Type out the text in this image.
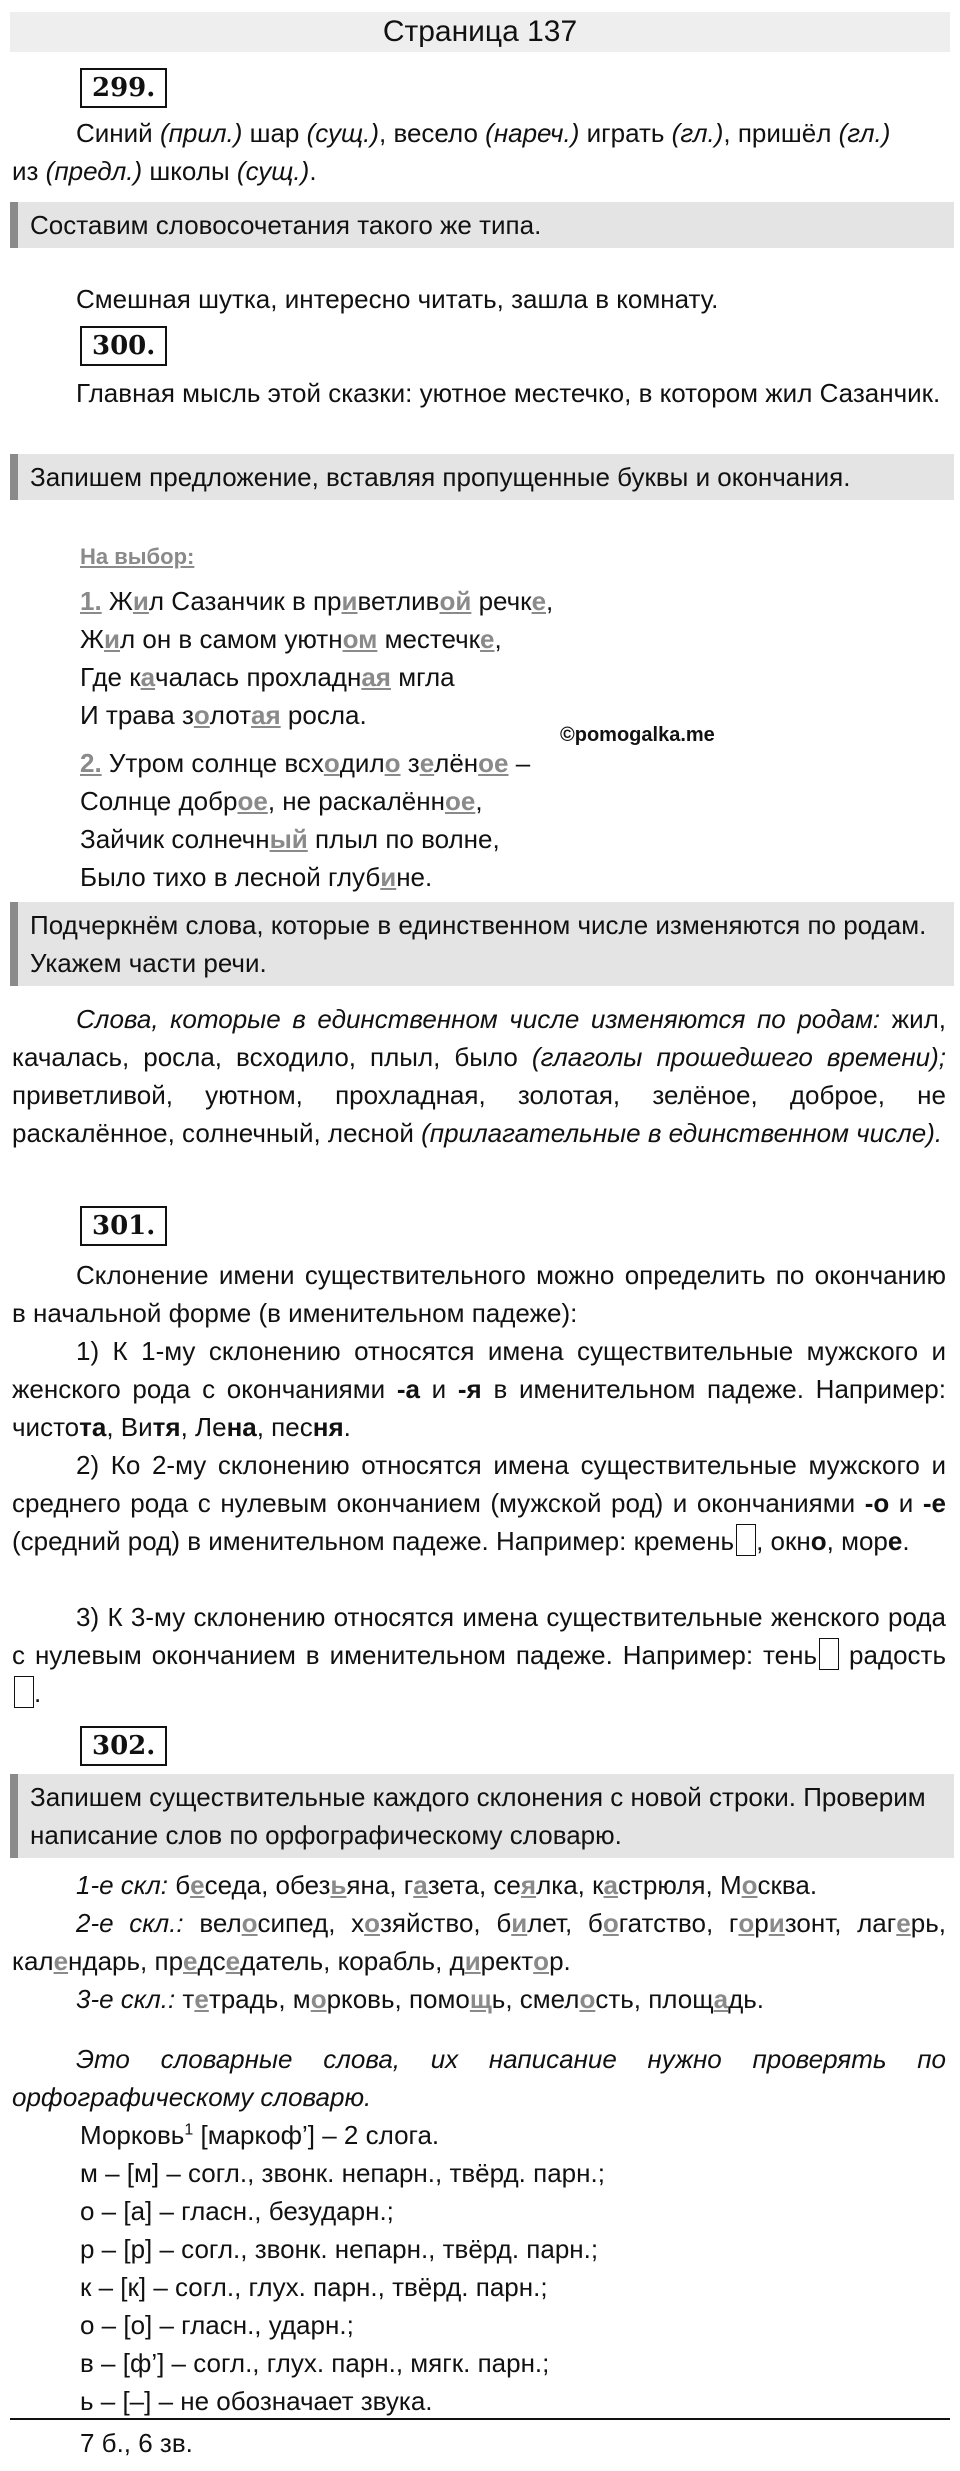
Страница 137
299.
Синий (прил.) шар (сущ.), весело (нареч.) играть (гл.), пришёл (гл.)
из (предл.) школы (сущ.).
Составим словосочетания такого же типа.
Смешная шутка, интересно читать, зашла в комнату.
300.
Главная мысль этой сказки: уютное местечко, в котором жил Сазанчик.
Запишем предложение, вставляя пропущенные буквы и окончания.
На выбор:
©pomogalka.me
1. Жил Сазанчик в приветливой речке,
Жил он в самом уютном местечке,
Где качалась прохладная мгла
И трава золотая росла.
2. Утром солнце всходило зелёное –
Солнце доброе, не раскалённое,
Зайчик солнечный плыл по волне,
Было тихо в лесной глубине.
Подчеркнём слова, которые в единственном числе изменяются по родам. Укажем части речи.
Слова, которые в единственном числе изменяются по родам: жил, качалась, росла, всходило, плыл, было (глаголы прошедшего времени); приветливой, уютном, прохладная, золотая, зелёное, доброе, не раскалённое, солнечный, лесной (прилагательные в единственном числе).
301.
Склонение имени существительного можно определить по окончанию в начальной форме (в именительном падеже):
1) К 1-му склонению относятся имена существительные мужского и женского рода с окончаниями -а и -я в именительном падеже. Например: чистота, Витя, Лена, песня.
2) Ко 2-му склонению относятся имена существительные мужского и среднего рода с нулевым окончанием (мужской род) и окончаниями -о и -е (средний род) в именительном падеже. Например: кремень , окно, море.
3) К 3-му склонению относятся имена существительные женского рода с нулевым окончанием в именительном падеже. Например: тень радость.
302.
Запишем существительные каждого склонения с новой строки. Проверим написание слов по орфографическому словарю.
1-е скл: беседа, обезьяна, газета, сеялка, кастрюля, Москва.
2-е скл.: велосипед, хозяйство, билет, богатство, горизонт, лагерь, календарь, председатель, корабль, директор.
3-е скл.: тетрадь, морковь, помощь, смелость, площадь.
Это словарные слова, их написание нужно проверять по орфографическому словарю.
Морковь$^1$ [маркоф’] – 2 слога.
м – [м] – согл., звонк. непарн., твёрд. парн.;
о – [а] – гласн., безударн.;
р – [р] – согл., звонк. непарн., твёрд. парн.;
к – [к] – согл., глух. парн., твёрд. парн.;
о – [о] – гласн., ударн.;
в – [ф’] – согл., глух. парн., мягк. парн.;
ь – [–] – не обозначает звука.
7 б., 6 зв.
